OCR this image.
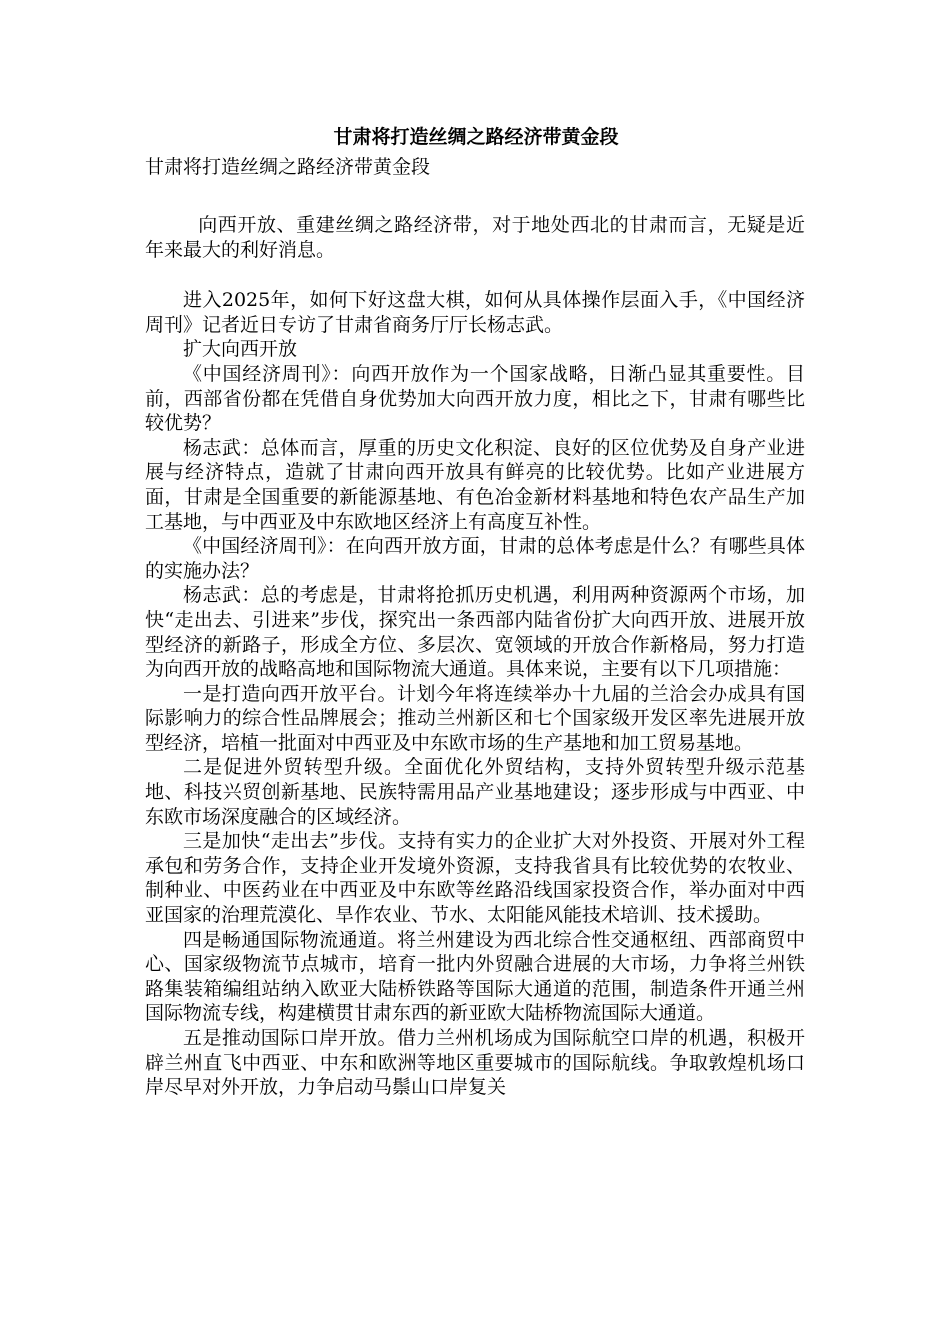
甘肃将打造丝绸之路经济带黄金段

甘肃将打造丝绸之路经济带黄金段

向西开放、重建丝绸之路经济带，对于地处西北的甘肃而言，无疑是近年来最大的利好消息。

进入2025年，如何下好这盘大棋，如何从具体操作层面入手，《中国经济周刊》记者近日专访了甘肃省商务厅厅长杨志武。

扩大向西开放

《中国经济周刊》：向西开放作为一个国家战略，日渐凸显其重要性。目前，西部省份都在凭借自身优势加大向西开放力度，相比之下，甘肃有哪些比较优势？

杨志武：总体而言，厚重的历史文化积淀、良好的区位优势及自身产业进展与经济特点，造就了甘肃向西开放具有鲜亮的比较优势。比如产业进展方面，甘肃是全国重要的新能源基地、有色冶金新材料基地和特色农产品生产加工基地，与中西亚及中东欧地区经济上有高度互补性。

《中国经济周刊》：在向西开放方面，甘肃的总体考虑是什么？有哪些具体的实施办法？

杨志武：总的考虑是，甘肃将抢抓历史机遇，利用两种资源两个市场，加快“走出去、引进来”步伐，探究出一条西部内陆省份扩大向西开放、进展开放型经济的新路子，形成全方位、多层次、宽领域的开放合作新格局，努力打造为向西开放的战略高地和国际物流大通道。具体来说，主要有以下几项措施：

一是打造向西开放平台。计划今年将连续举办十九届的兰洽会办成具有国际影响力的综合性品牌展会；推动兰州新区和七个国家级开发区率先进展开放型经济，培植一批面对中西亚及中东欧市场的生产基地和加工贸易基地。

二是促进外贸转型升级。全面优化外贸结构，支持外贸转型升级示范基地、科技兴贸创新基地、民族特需用品产业基地建设；逐步形成与中西亚、中东欧市场深度融合的区域经济。

三是加快“走出去”步伐。支持有实力的企业扩大对外投资、开展对外工程承包和劳务合作，支持企业开发境外资源，支持我省具有比较优势的农牧业、制种业、中医药业在中西亚及中东欧等丝路沿线国家投资合作，举办面对中西亚国家的治理荒漠化、旱作农业、节水、太阳能风能技术培训、技术援助。

四是畅通国际物流通道。将兰州建设为西北综合性交通枢纽、西部商贸中心、国家级物流节点城市，培育一批内外贸融合进展的大市场，力争将兰州铁路集装箱编组站纳入欧亚大陆桥铁路等国际大通道的范围，制造条件开通兰州国际物流专线，构建横贯甘肃东西的新亚欧大陆桥物流国际大通道。

五是推动国际口岸开放。借力兰州机场成为国际航空口岸的机遇，积极开辟兰州直飞中西亚、中东和欧洲等地区重要城市的国际航线。争取敦煌机场口岸尽早对外开放，力争启动马鬃山口岸复关
